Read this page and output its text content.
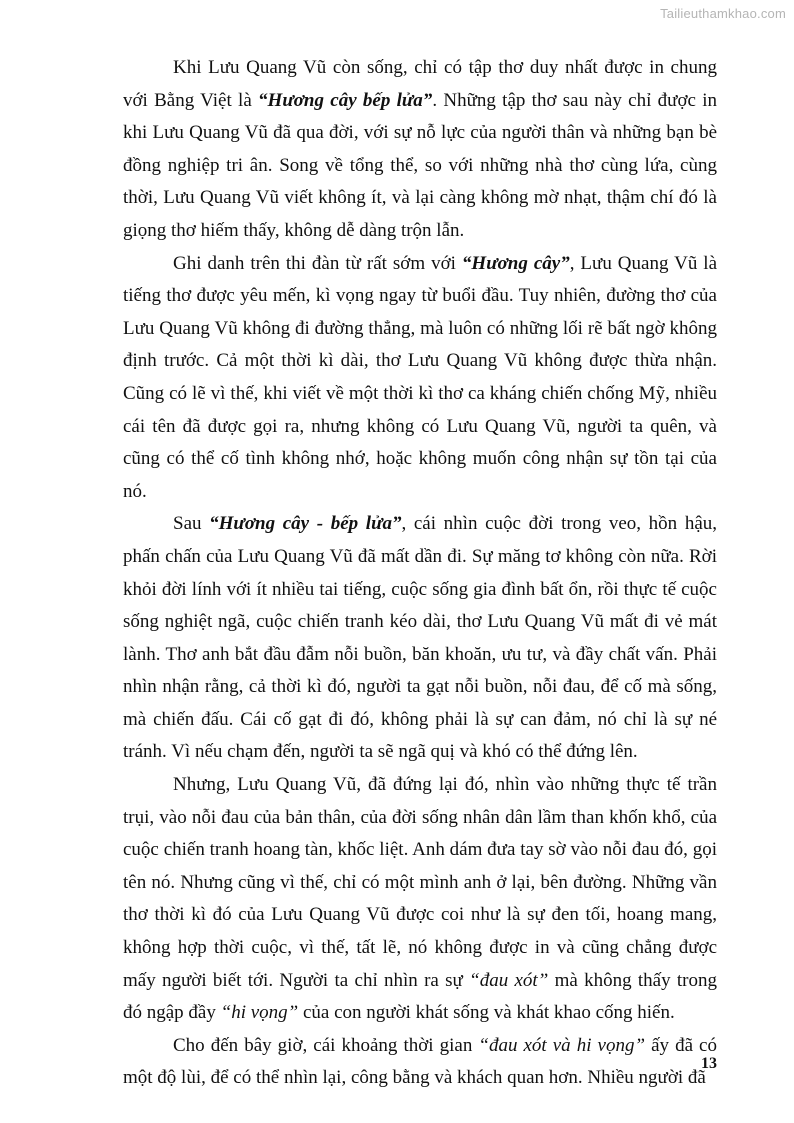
Tailieuthamkhao.com

Khi Lưu Quang Vũ còn sống, chỉ có tập thơ duy nhất được in chung với Bằng Việt là “Hương cây bếp lửa”. Những tập thơ sau này chỉ được in khi Lưu Quang Vũ đã qua đời, với sự nỗ lực của người thân và những bạn bè đồng nghiệp tri ân. Song về tổng thể, so với những nhà thơ cùng lứa, cùng thời, Lưu Quang Vũ viết không ít, và lại càng không mờ nhạt, thậm chí đó là giọng thơ hiếm thấy, không dễ dàng trộn lẫn.

Ghi danh trên thi đàn từ rất sớm với “Hương cây”, Lưu Quang Vũ là tiếng thơ được yêu mến, kì vọng ngay từ buổi đầu. Tuy nhiên, đường thơ của Lưu Quang Vũ không đi đường thẳng, mà luôn có những lối rẽ bất ngờ không định trước. Cả một thời kì dài, thơ Lưu Quang Vũ không được thừa nhận. Cũng có lẽ vì thế, khi viết về một thời kì thơ ca kháng chiến chống Mỹ, nhiều cái tên đã được gọi ra, nhưng không có Lưu Quang Vũ, người ta quên, và cũng có thể cố tình không nhớ, hoặc không muốn công nhận sự tồn tại của nó.

Sau “Hương cây - bếp lửa”, cái nhìn cuộc đời trong veo, hồn hậu, phấn chấn của Lưu Quang Vũ đã mất dần đi. Sự măng tơ không còn nữa. Rời khỏi đời lính với ít nhiều tai tiếng, cuộc sống gia đình bất ổn, rồi thực tế cuộc sống nghiệt ngã, cuộc chiến tranh kéo dài, thơ Lưu Quang Vũ mất đi vẻ mát lành. Thơ anh bắt đầu đẫm nỗi buồn, băn khoăn, ưu tư, và đầy chất vấn. Phải nhìn nhận rằng, cả thời kì đó, người ta gạt nỗi buồn, nỗi đau, để cố mà sống, mà chiến đấu. Cái cố gạt đi đó, không phải là sự can đảm, nó chỉ là sự né tránh. Vì nếu chạm đến, người ta sẽ ngã quị và khó có thể đứng lên.

Nhưng, Lưu Quang Vũ, đã đứng lại đó, nhìn vào những thực tế trần trụi, vào nỗi đau của bản thân, của đời sống nhân dân lầm than khốn khổ, của cuộc chiến tranh hoang tàn, khốc liệt. Anh dám đưa tay sờ vào nỗi đau đó, gọi tên nó. Nhưng cũng vì thế, chỉ có một mình anh ở lại, bên đường. Những vần thơ thời kì đó của Lưu Quang Vũ được coi như là sự đen tối, hoang mang, không hợp thời cuộc, vì thế, tất lẽ, nó không được in và cũng chẳng được mấy người biết tới. Người ta chỉ nhìn ra sự “đau xót” mà không thấy trong đó ngập đầy “hi vọng” của con người khát sống và khát khao cống hiến.

Cho đến bây giờ, cái khoảng thời gian “đau xót và hi vọng” ấy đã có một độ lùi, để có thể nhìn lại, công bằng và khách quan hơn. Nhiều người đã

13
